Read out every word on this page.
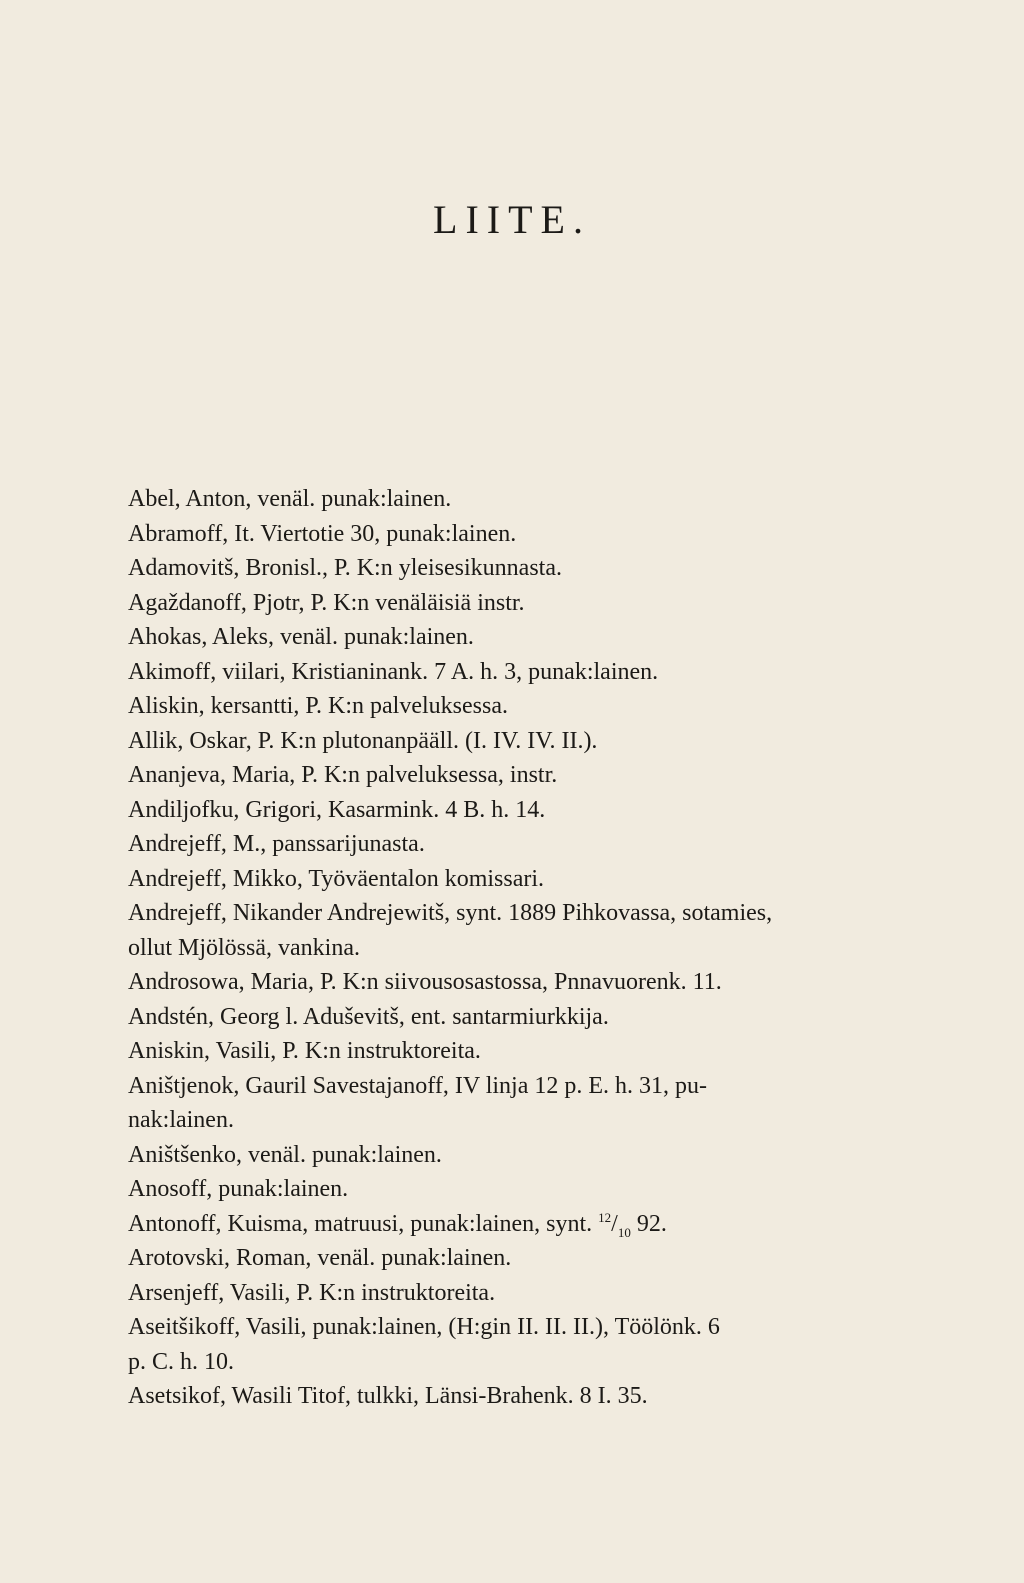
LIITE.
Abel, Anton, venäl. punak:lainen.
Abramoff, It. Viertotie 30, punak:lainen.
Adamovitš, Bronisl., P. K:n yleisesikunnasta.
Agaždanoff, Pjotr, P. K:n venäläisiä instr.
Ahokas, Aleks, venäl. punak:lainen.
Akimoff, viilari, Kristianinank. 7 A. h. 3, punak:lainen.
Aliskin, kersantti, P. K:n palveluksessa.
Allik, Oskar, P. K:n plutonanpääll. (I. IV. IV. II.).
Ananjeva, Maria, P. K:n palveluksessa, instr.
Andiljofku, Grigori, Kasarmink. 4 B. h. 14.
Andrejeff, M., panssarijunasta.
Andrejeff, Mikko, Työväentalon komissari.
Andrejeff, Nikander Andrejewitš, synt. 1889 Pihkovassa, sotamies,
ollut Mjölössä, vankina.
Androsowa, Maria, P. K:n siivousosastossa, Pnnavuorenk. 11.
Andstén, Georg l. Aduševitš, ent. santarmiurkkija.
Aniskin, Vasili, P. K:n instruktoreita.
Aništjenok, Gauril Savestajanoff, IV linja 12 p. E. h. 31, pu-
nak:lainen.
Aništšenko, venäl. punak:lainen.
Anosoff, punak:lainen.
Antonoff, Kuisma, matruusi, punak:lainen, synt. $^{12}/_{10}$ 92.
Arotovski, Roman, venäl. punak:lainen.
Arsenjeff, Vasili, P. K:n instruktoreita.
Aseitšikoff, Vasili, punak:lainen, (H:gin II. II. II.), Töölönk. 6
p. C. h. 10.
Asetsikof, Wasili Titof, tulkki, Länsi-Brahenk. 8 I. 35.
